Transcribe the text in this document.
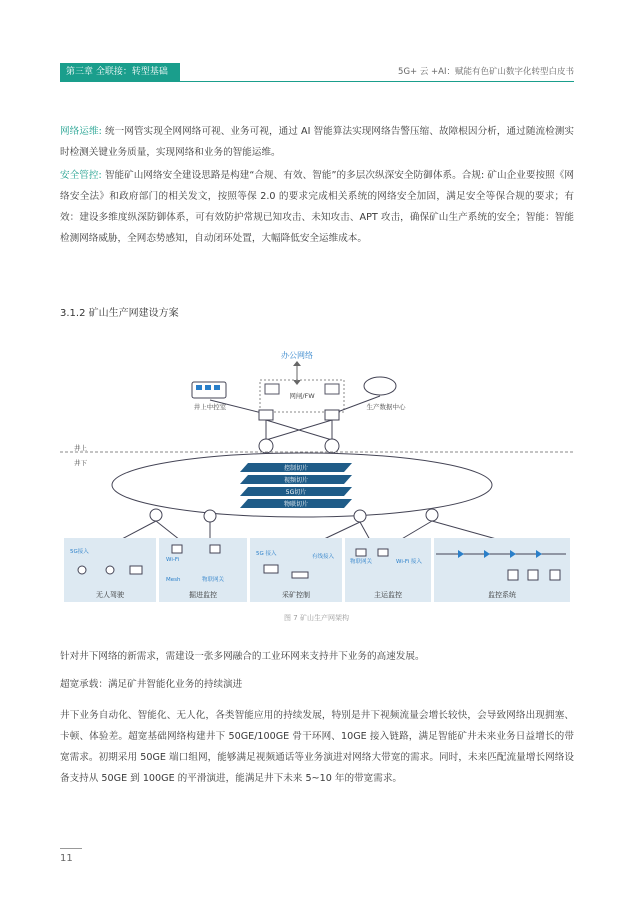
第三章 全联接：转型基础	5G+ 云 +AI：赋能有色矿山数字化转型白皮书

网络运维: 统一网管实现全网网络可视、业务可视，通过 AI 智能算法实现网络告警压缩、故障根因分析，通过随流检测实时检测关键业务质量，实现网络和业务的智能运维。

安全管控: 智能矿山网络安全建设思路是构建“合规、有效、智能”的多层次纵深安全防御体系。合规: 矿山企业要按照《网络安全法》和政府部门的相关发文，按照等保 2.0 的要求完成相关系统的网络安全加固，满足安全等保合规的要求；有效：建设多维度纵深防御体系，可有效防护常规已知攻击、未知攻击、APT 攻击，确保矿山生产系统的安全；智能：智能检测网络威胁，全网态势感知，自动闭环处置，大幅降低安全运维成本。

3.1.2 矿山生产网建设方案
办公网络
网闸/FW
井上中控室	生产数据中心
井上
井下
控制切片
视频切片
5G切片
物联切片
5G接入
Wi-Fi
Mesh	物联网关
5G 接入	有线接入
物联网关	Wi-Fi 接入
无人驾驶	掘进监控	采矿控制	主运监控	监控系统
图 7 矿山生产网架构

针对井下网络的新需求，需建设一张多网融合的工业环网来支持井下业务的高速发展。

超宽承载：满足矿井智能化业务的持续演进

井下业务自动化、智能化、无人化，各类智能应用的持续发展，特别是井下视频流量会增长较快，会导致网络出现拥塞、卡顿、体验差。超宽基础网络构建井下 50GE/100GE 骨干环网、10GE 接入链路，满足智能矿井未来业务日益增长的带宽需求。初期采用 50GE 端口组网，能够满足视频通话等业务演进对网络大带宽的需求。同时，未来匹配流量增长网络设备支持从 50GE 到 100GE 的平滑演进，能满足井下未来 5~10 年的带宽需求。

11
